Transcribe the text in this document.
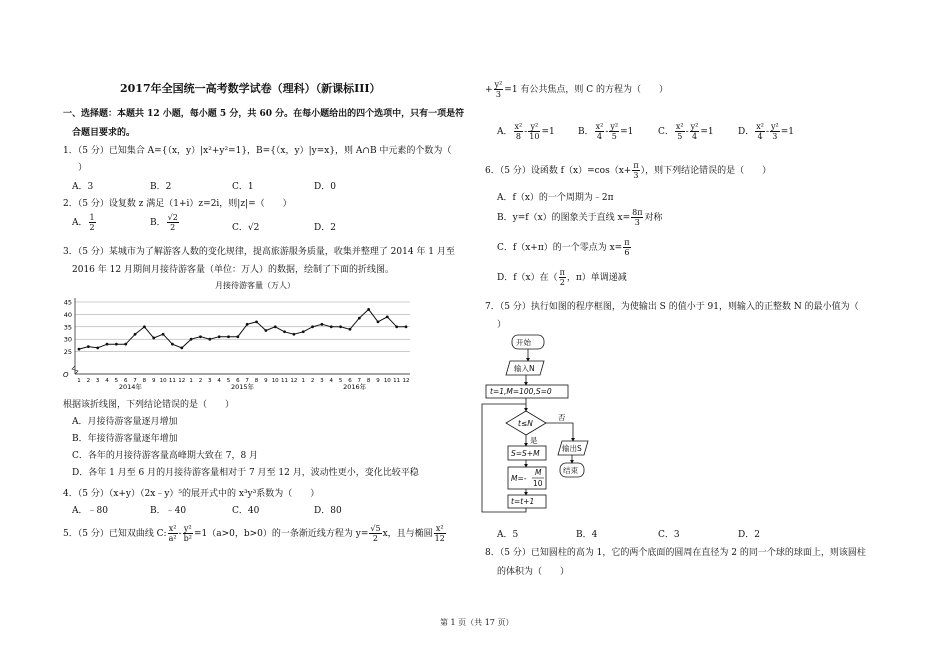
2017年全国统一高考数学试卷（理科）（新课标III）
一、选择题：本题共 12 小题，每小题 5 分，共 60 分。在每小题给出的四个选项中，只有一项是符
合题目要求的。
1．（5 分）已知集合 A={（x，y）|x²+y²=1}，B={（x，y）|y=x}，则 A∩B 中元素的个数为（
）
A．3	B．2	C．1	D．0
2．（5 分）设复数 z 满足（1+i）z=2i，则|z|=（　　）
A． $\frac{1}{2}$	B． $\frac{√2}{2}$	C．√2	D．2
3．（5 分）某城市为了解游客人数的变化规律，提高旅游服务质量，收集并整理了 2014 年 1 月至
2016 年 12 月期间月接待游客量（单位：万人）的数据，绘制了下面的折线图。
月接待游客量（万人）
45
40
35
30
25
O
1 2 3 4 5 6 7 8 9 10 11 12 1 2 3 4 5 6 7 8 9 10 11 12 1 2 3 4 5 6 7 8 9 10 11 12
2014年	2015年	2016年
根据该折线图，下列结论错误的是（　　）
A．月接待游客量逐月增加
B．年接待游客量逐年增加
C．各年的月接待游客量高峰期大致在 7，8 月
D．各年 1 月至 6 月的月接待游客量相对于 7 月至 12 月，波动性更小，变化比较平稳
4．（5 分）（x+y）（2x﹣y）⁵的展开式中的 x³y³系数为（　　）
A．﹣80	B．﹣40	C．40	D．80
5．（5 分）已知双曲线 C: $\frac{\text{x²}}{\text{a²}} - \frac{\text{y²}}{\text{b²}} =1(a>0$，b>0）的一条渐近线方程为 $y= \frac{√5}{2}$ x，且与椭圆 $\frac{\text{x²}}{12}$
+ $\frac{\text{y²}}{3} =1$ 有公共焦点，则 C 的方程为（　　）
A． $\frac{\text{x²}}{8} - \frac{\text{y²}}{10} =1$	B． $\frac{\text{x²}}{4} - \frac{\text{y²}}{5} =1$	C． $\frac{\text{x²}}{5} - \frac{\text{y²}}{4} =1$	D． $\frac{\text{x²}}{4} - \frac{\text{y²}}{3} =1$
6．（5 分）设函数 $f(x)=\cos(x+ \frac{\pi}{3}$ ），则下列结论错误的是（　　）
A．f（x）的一个周期为﹣2π
B．y=f（x）的图象关于直线 $x= \frac{8\pi}{3}$ 对称
C．f（x+π）的一个零点为 $x= \frac{\pi}{6}$
D．f（x）在（ $\frac{\pi}{2}$ ，π）单调递减
7．（5 分）执行如图的程序框图，为使输出 S 的值小于 91，则输入的正整数 N 的最小值为（
）
开始
输入N
t=1,M=100,S=0
t≤N
是
否
S=S+M
M=-
M
10
t=t+1
输出S
结束
A．5	B．4	C．3	D．2
8．（5 分）已知圆柱的高为 1，它的两个底面的圆周在直径为 2 的同一个球的球面上，则该圆柱
的体积为（　　）
第 1 页（共 17 页）
